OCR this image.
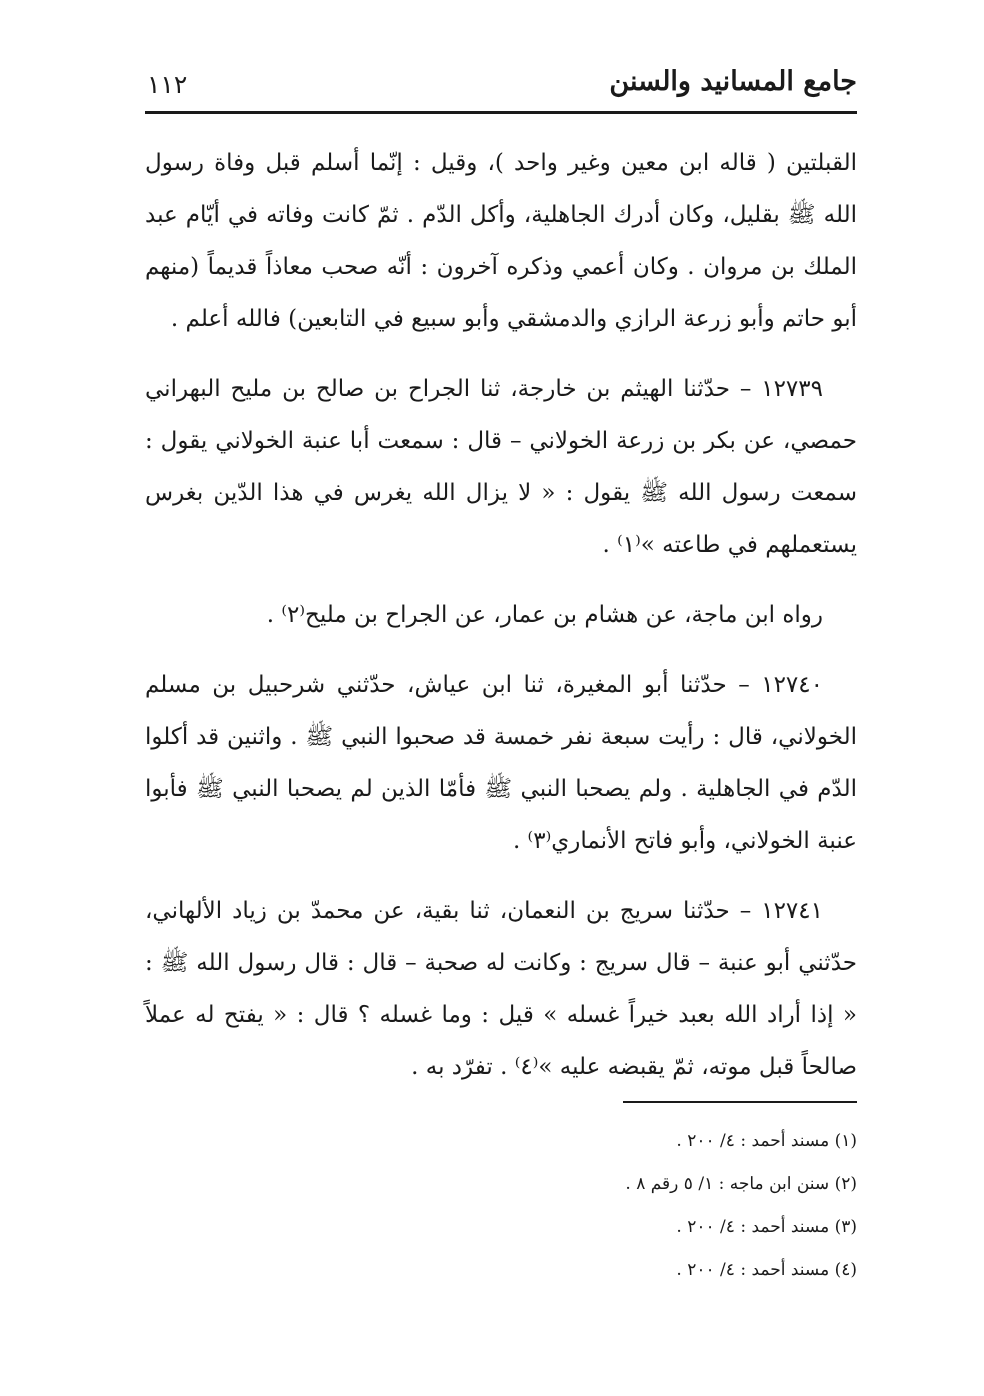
جامع المسانيد والسنن
١١٢

القبلتين ( قاله ابن معين وغير واحد )، وقيل : إنّما أسلم قبل وفاة رسول الله ﷺ بقليل، وكان أدرك الجاهلية، وأكل الدّم . ثمّ كانت وفاته في أيّام عبد الملك بن مروان . وكان أعمي وذكره آخرون : أنّه صحب معاذاً قديماً (منهم أبو حاتم وأبو زرعة الرازي والدمشقي وأبو سبيع في التابعين) فالله أعلم .

١٢٧٣٩ – حدّثنا الهيثم بن خارجة، ثنا الجراح بن صالح بن مليح البهراني حمصي، عن بكر بن زرعة الخولاني – قال : سمعت أبا عنبة الخولاني يقول : سمعت رسول الله ﷺ يقول : « لا يزال الله يغرس في هذا الدّين بغرس يستعملهم في طاعته »⁽١⁾ .

رواه ابن ماجة، عن هشام بن عمار، عن الجراح بن مليح⁽٢⁾ .

١٢٧٤٠ – حدّثنا أبو المغيرة، ثنا ابن عياش، حدّثني شرحبيل بن مسلم الخولاني، قال : رأيت سبعة نفر خمسة قد صحبوا النبي ﷺ . واثنين قد أكلوا الدّم في الجاهلية . ولم يصحبا النبي ﷺ فأمّا الذين لم يصحبا النبي ﷺ فأبوا عنبة الخولاني، وأبو فاتح الأنماري⁽٣⁾ .

١٢٧٤١ – حدّثنا سريج بن النعمان، ثنا بقية، عن محمدّ بن زياد الألهاني، حدّثني أبو عنبة – قال سريج : وكانت له صحبة – قال : قال رسول الله ﷺ : « إذا أراد الله بعبد خيراً غسله » قيل : وما غسله ؟ قال : « يفتح له عملاً صالحاً قبل موته، ثمّ يقبضه عليه »⁽٤⁾ . تفرّد به .

(١) مسند أحمد : ٤/ ٢٠٠ .

(٢) سنن ابن ماجه : ١/ ٥ رقم ٨ .

(٣) مسند أحمد : ٤/ ٢٠٠ .

(٤) مسند أحمد : ٤/ ٢٠٠ .
